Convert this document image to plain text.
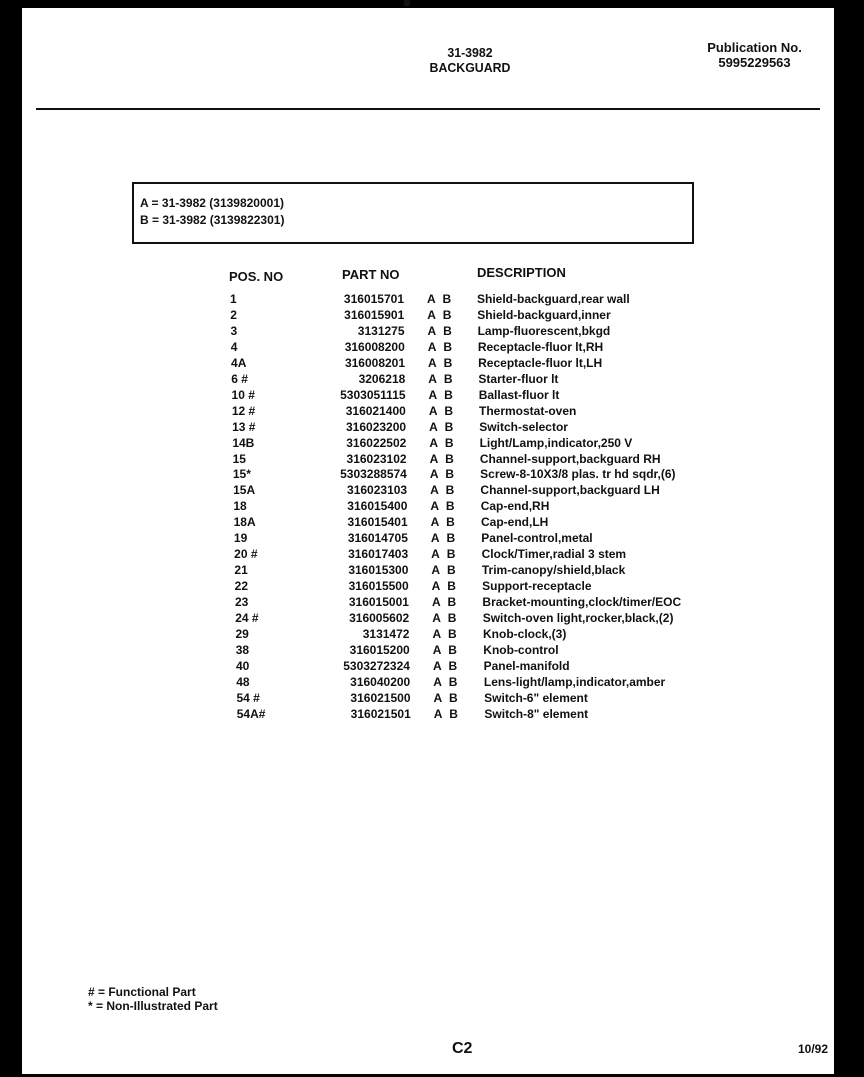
31-3982
BACKGUARD
Publication No.
5995229563
A = 31-3982 (3139820001)
B = 31-3982 (3139822301)
POS. NO	PART NO	DESCRIPTION
1	316015701 A B	Shield-backguard,rear wall
2	316015901 A B	Shield-backguard,inner
3	3131275 A B	Lamp-fluorescent,bkgd
4	316008200 A B	Receptacle-fluor lt,RH
4A	316008201 A B	Receptacle-fluor lt,LH
6 #	3206218 A B	Starter-fluor lt
10 #	5303051115 A B	Ballast-fluor lt
12 #	316021400 A B	Thermostat-oven
13 #	316023200 A B	Switch-selector
14B	316022502 A B	Light/Lamp,indicator,250 V
15	316023102 A B	Channel-support,backguard RH
15*	5303288574 A B	Screw-8-10X3/8 plas. tr hd sqdr,(6)
15A	316023103 A B	Channel-support,backguard LH
18	316015400 A B	Cap-end,RH
18A	316015401 A B	Cap-end,LH
19	316014705 A B	Panel-control,metal
20 #	316017403 A B	Clock/Timer,radial 3 stem
21	316015300 A B	Trim-canopy/shield,black
22	316015500 A B	Support-receptacle
23	316015001 A B	Bracket-mounting,clock/timer/EOC
24 #	316005602 A B	Switch-oven light,rocker,black,(2)
29	3131472 A B	Knob-clock,(3)
38	316015200 A B	Knob-control
40	5303272324 A B	Panel-manifold
48	316040200 A B	Lens-light/lamp,indicator,amber
54 #	316021500 A B	Switch-6" element
54A#	316021501 A B	Switch-8" element
# = Functional Part
* = Non-Illustrated Part
C2	10/92
